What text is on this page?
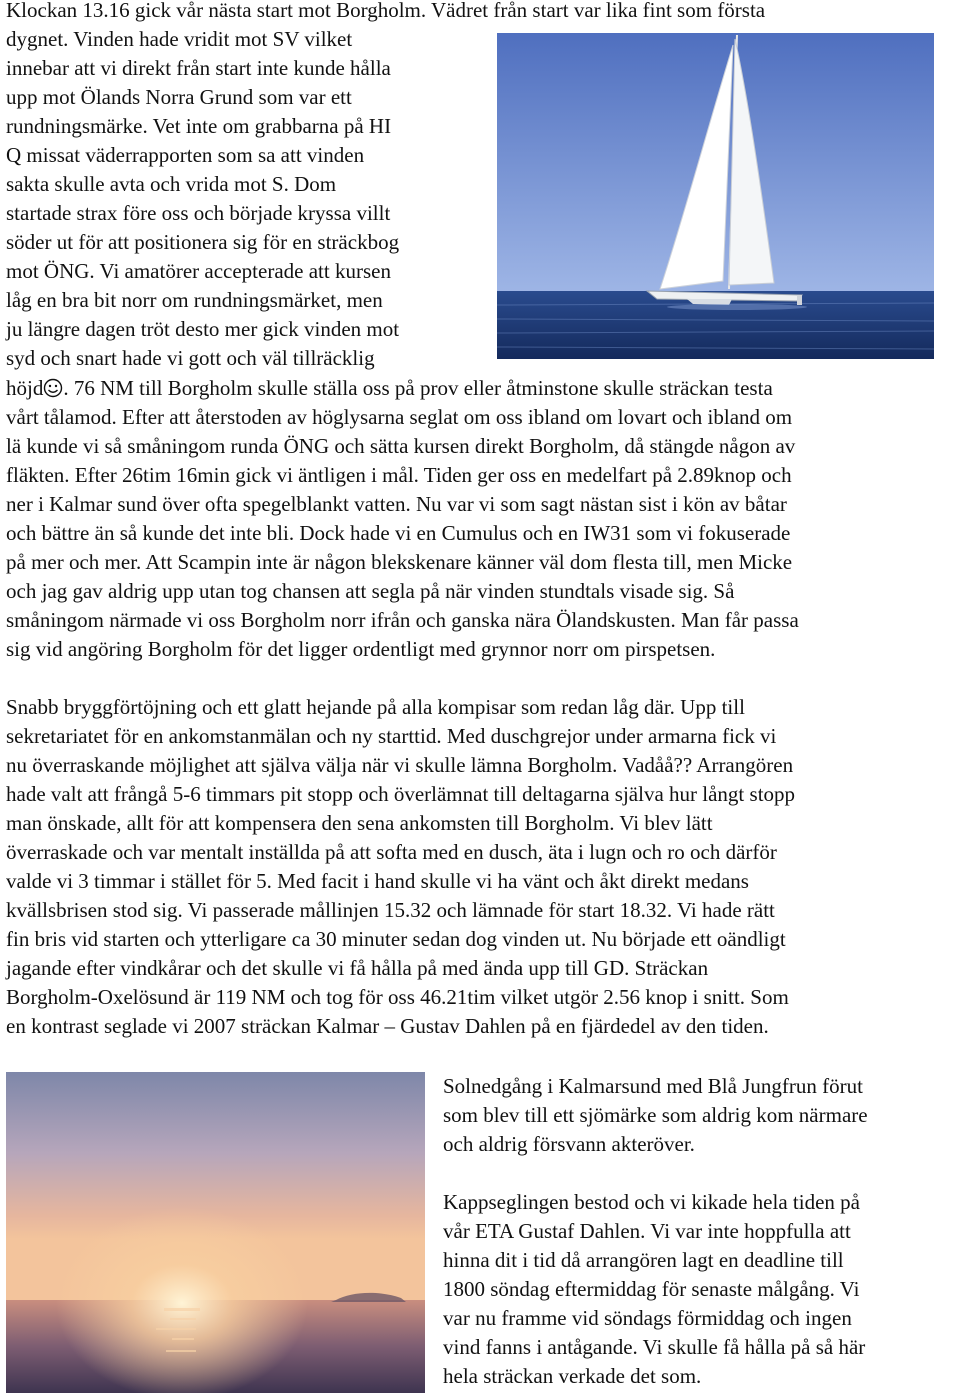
Klockan 13.16 gick vår nästa start mot Borgholm. Vädret från start var lika fint som första

dygnet. Vinden hade vridit mot SV vilket

innebar att vi direkt från start inte kunde hålla

upp mot Ölands Norra Grund som var ett

rundningsmärke. Vet inte om grabbarna på HI

Q missat väderrapporten som sa att vinden

sakta skulle avta och vrida mot S. Dom

startade strax före oss och började kryssa villt

söder ut för att positionera sig för en sträckbog

mot ÖNG. Vi amatörer accepterade att kursen

låg en bra bit norr om rundningsmärket, men

ju längre dagen tröt desto mer gick vinden mot

syd och snart hade vi gott och väl tillräcklig

höjd . 76 NM till Borgholm skulle ställa oss på prov eller åtminstone skulle sträckan testa

vårt tålamod. Efter att återstoden av höglysarna seglat om oss ibland om lovart och ibland om

lä kunde vi så småningom runda ÖNG och sätta kursen direkt Borgholm, då stängde någon av

fläkten. Efter 26tim 16min gick vi äntligen i mål. Tiden ger oss en medelfart på 2.89knop och

ner i Kalmar sund över ofta spegelblankt vatten. Nu var vi som sagt nästan sist i kön av båtar

och bättre än så kunde det inte bli. Dock hade vi en Cumulus och en IW31 som vi fokuserade

på mer och mer. Att Scampin inte är någon blekskenare känner väl dom flesta till, men Micke

och jag gav aldrig upp utan tog chansen att segla på när vinden stundtals visade sig. Så

småningom närmade vi oss Borgholm norr ifrån och ganska nära Ölandskusten. Man får passa

sig vid angöring Borgholm för det ligger ordentligt med grynnor norr om pirspetsen.

Snabb bryggförtöjning och ett glatt hejande på alla kompisar som redan låg där. Upp till

sekretariatet för en ankomstanmälan och ny starttid. Med duschgrejor under armarna fick vi

nu överraskande möjlighet att själva välja när vi skulle lämna Borgholm. Vadåå?? Arrangören

hade valt att frångå 5-6 timmars pit stopp och överlämnat till deltagarna själva hur långt stopp

man önskade, allt för att kompensera den sena ankomsten till Borgholm. Vi blev lätt

överraskade och var mentalt inställda på att softa med en dusch, äta i lugn och ro och därför

valde vi 3 timmar i stället för 5. Med facit i hand skulle vi ha vänt och åkt direkt medans

kvällsbrisen stod sig. Vi passerade mållinjen 15.32 och lämnade för start 18.32. Vi hade rätt

fin bris vid starten och ytterligare ca 30 minuter sedan dog vinden ut. Nu började ett oändligt

jagande efter vindkårar och det skulle vi få hålla på med ända upp till GD. Sträckan

Borgholm-Oxelösund är 119 NM och tog för oss 46.21tim vilket utgör 2.56 knop i snitt. Som

en kontrast seglade vi 2007 sträckan Kalmar – Gustav Dahlen på en fjärdedel av den tiden.

Solnedgång i Kalmarsund med Blå Jungfrun förut

som blev till ett sjömärke som aldrig kom närmare

och aldrig försvann akteröver.

Kappseglingen bestod och vi kikade hela tiden på

vår ETA Gustaf Dahlen. Vi var inte hoppfulla att

hinna dit i tid då arrangören lagt en deadline till

1800 söndag eftermiddag för senaste målgång. Vi

var nu framme vid söndags förmiddag och ingen

vind fanns i antågande. Vi skulle få hålla på så här

hela sträckan verkade det som.
